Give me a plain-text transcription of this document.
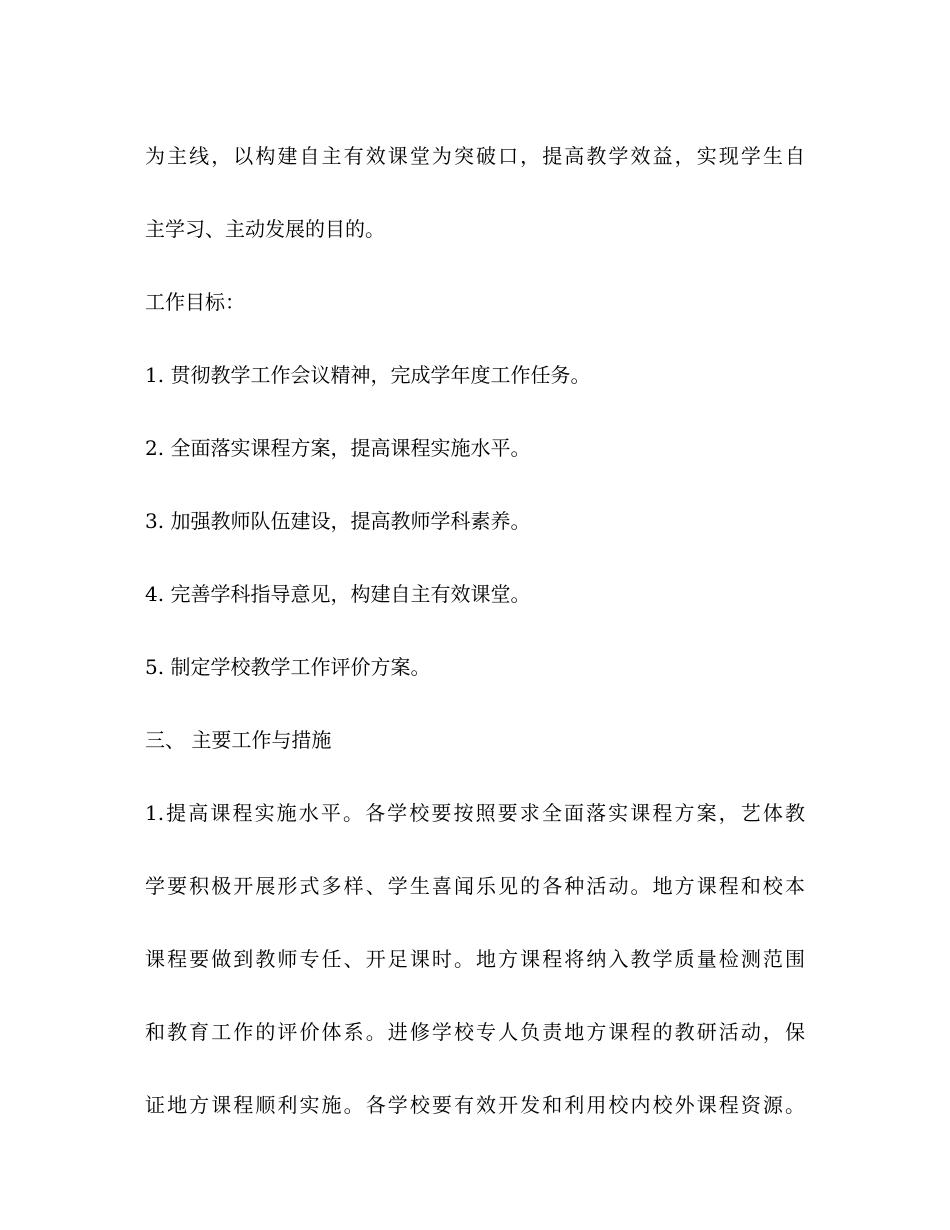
为主线，以构建自主有效课堂为突破口，提高教学效益，实现学生自
主学习、主动发展的目的。
工作目标：
1. 贯彻教学工作会议精神，完成学年度工作任务。
2. 全面落实课程方案，提高课程实施水平。
3. 加强教师队伍建设，提高教师学科素养。
4. 完善学科指导意见，构建自主有效课堂。
5. 制定学校教学工作评价方案。
三、 主要工作与措施
1.提高课程实施水平。各学校要按照要求全面落实课程方案，艺体教
学要积极开展形式多样、学生喜闻乐见的各种活动。地方课程和校本
课程要做到教师专任、开足课时。地方课程将纳入教学质量检测范围
和教育工作的评价体系。进修学校专人负责地方课程的教研活动，保
证地方课程顺利实施。各学校要有效开发和利用校内校外课程资源。
